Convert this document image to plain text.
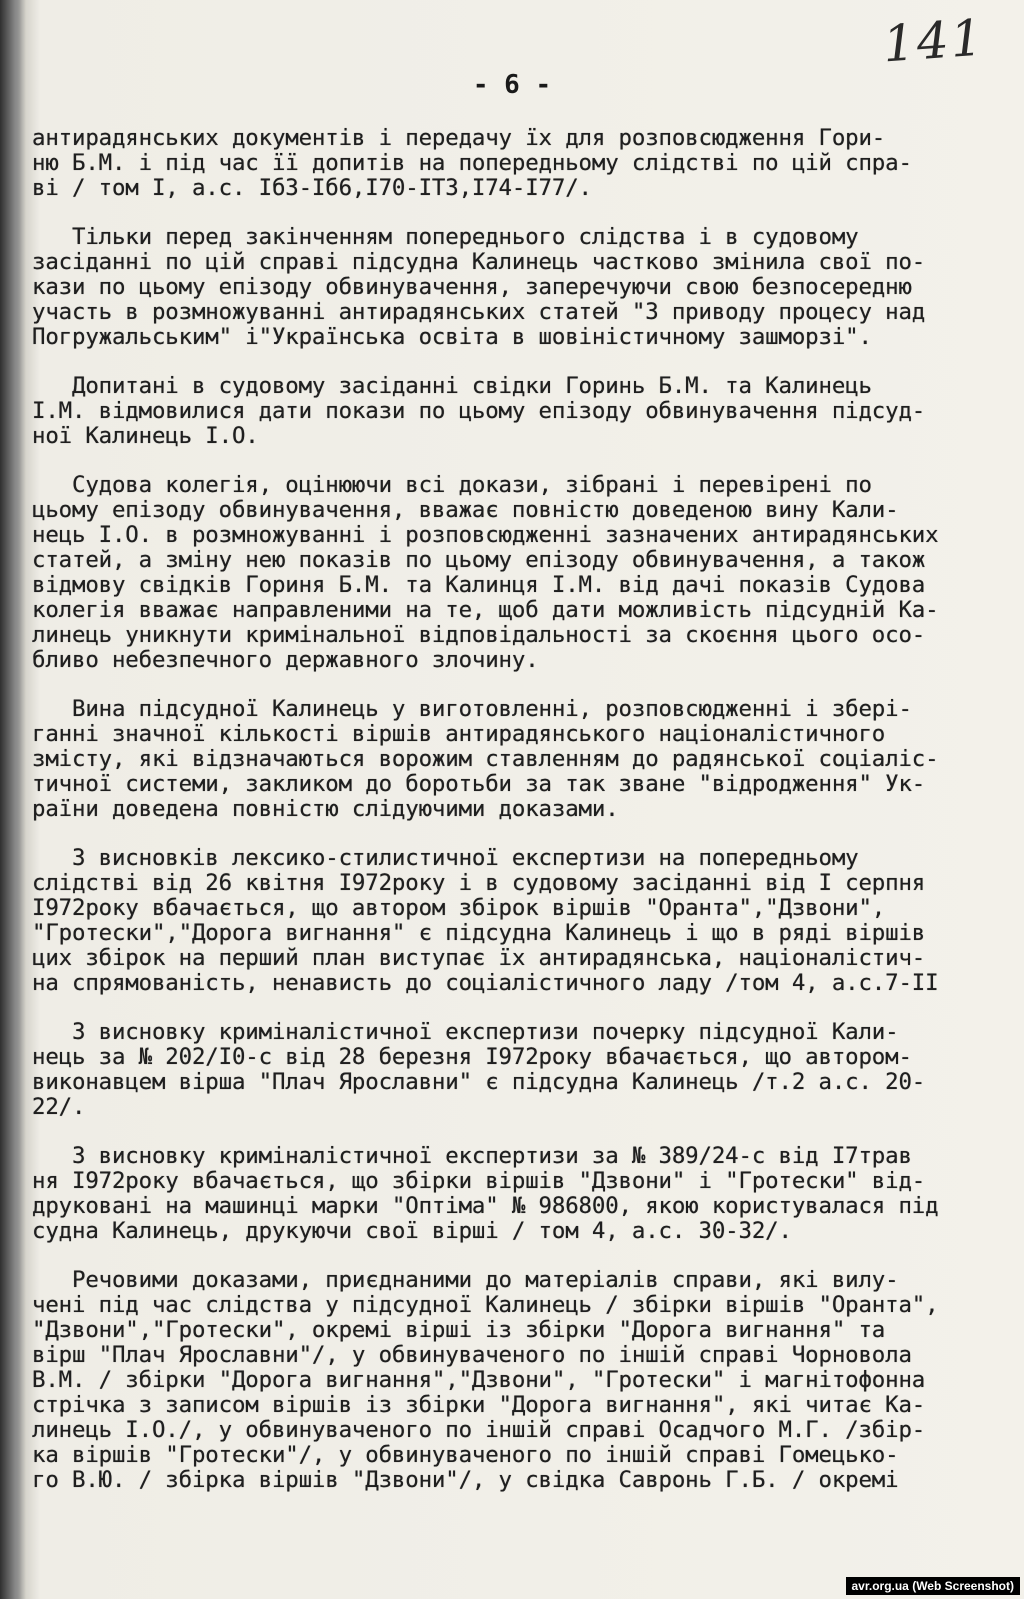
141
- 6 -
антирадянських документів і передачу їх для розповсюдження Гори-
ню Б.М. і під час її допитів на попередньому слідстві по цій спра-
ві / том І, а.с. ІбЗ-Іб6,І70-ІТЗ,І74-І77/.
Тільки перед закінченням попереднього слідства і в судовому
засіданні по цій справі підсудна Калинець частково змінила свої по-
кази по цьому епізоду обвинувачення, заперечуючи свою безпосередню
участь в розмножуванні антирадянських статей "З приводу процесу над
Погружальським" і"Українська освіта в шовіністичному зашморзі".
Допитані в судовому засіданні свідки Горинь Б.М. та Калинець
І.М. відмовилися дати покази по цьому епізоду обвинувачення підсуд-
ної Калинець І.О.
Судова колегія, оцінюючи всі докази, зібрані і перевірені по
цьому епізоду обвинувачення, вважає повністю доведеною вину Кали-
нець І.О. в розмножуванні і розповсюдженні зазначених антирадянських
статей, а зміну нею показів по цьому епізоду обвинувачення, а також
відмову свідків Гориня Б.М. та Калинця І.М. від дачі показів Судова
колегія вважає направленими на те, щоб дати можливість підсудній Ка-
линець уникнути кримінальної відповідальності за скоєння цього осо-
бливо небезпечного державного злочину.
Вина підсудної Калинець у виготовленні, розповсюдженні і збері-
ганні значної кількості віршів антирадянського націоналістичного
змісту, які відзначаються ворожим ставленням до радянської соціаліс-
тичної системи, закликом до боротьби за так зване "відродження" Ук-
раїни доведена повністю слідуючими доказами.
З висновків лексико-стилистичної експертизи на попередньому
слідстві від 26 квітня І972року і в судовому засіданні від І серпня
І972року вбачається, що автором збірок віршів "Оранта","Дзвони",
"Гротески","Дорога вигнання" є підсудна Калинець і що в ряді віршів
цих збірок на перший план виступає їх антирадянська, націоналістич-
на спрямованість, ненависть до соціалістичного ладу /том 4, а.с.7-ІІ
З висновку криміналістичної експертизи почерку підсудної Кали-
нець за № 202/І0-с від 28 березня І972року вбачається, що автором-
виконавцем вірша "Плач Ярославни" є підсудна Калинець /т.2 а.с. 20-
22/.
З висновку криміналістичної експертизи за № 389/24-с від І7трав
ня І972року вбачається, що збірки віршів "Дзвони" і "Гротески" від-
друковані на машинці марки "Оптіма" № 986800, якою користувалася під
судна Калинець, друкуючи свої вірші / том 4, а.с. 30-32/.
Речовими доказами, приєднаними до матеріалів справи, які вилу-
чені під час слідства у підсудної Калинець / збірки віршів "Оранта",
"Дзвони","Гротески", окремі вірші із збірки "Дорога вигнання" та
вірш "Плач Ярославни"/, у обвинуваченого по іншій справі Чорновола
В.М. / збірки "Дорога вигнання","Дзвони", "Гротески" і магнітофонна
стрічка з записом віршів із збірки "Дорога вигнання", які читає Ка-
линець І.О./, у обвинуваченого по іншій справі Осадчого М.Г. /збір-
ка віршів "Гротески"/, у обвинуваченого по іншій справі Гомецько-
го В.Ю. / збірка віршів "Дзвони"/, у свідка Савронь Г.Б. / окремі
avr.org.ua (Web Screenshot)
